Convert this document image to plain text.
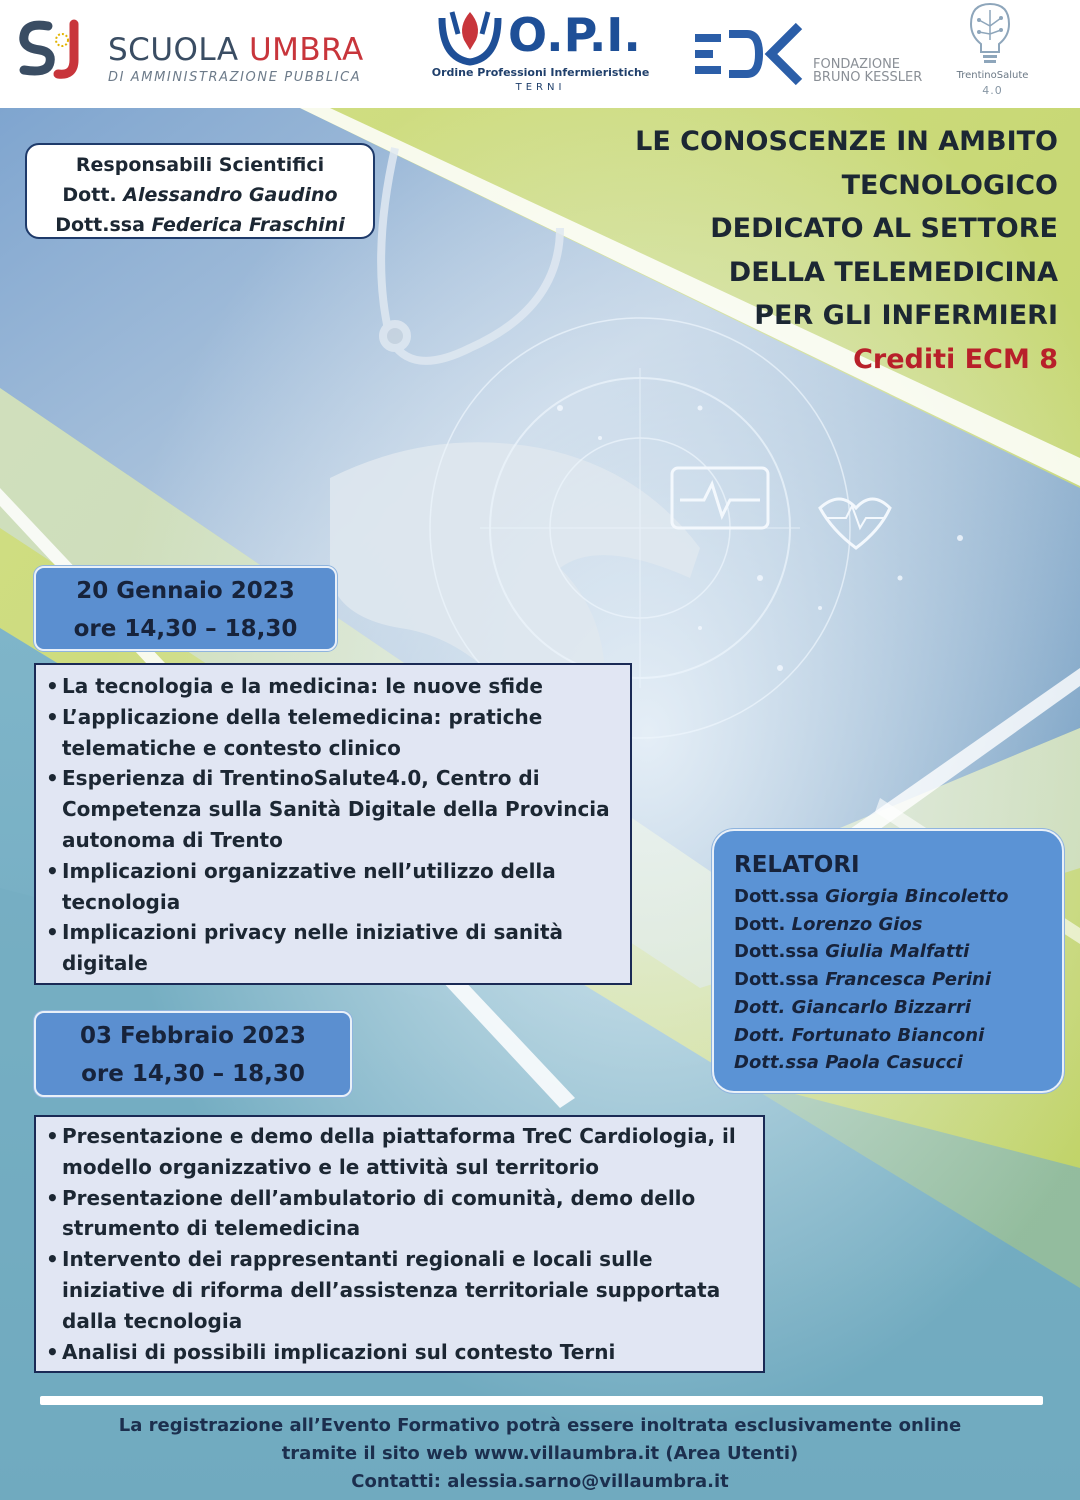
SCUOLA UMBRA
DI AMMINISTRAZIONE PUBBLICA
O.P.I.
Ordine Professioni Infermieristiche
TERNI
FONDAZIONE
BRUNO KESSLER	TrentinoSalute
4.0
LE CONOSCENZE IN AMBITO
TECNOLOGICO
DEDICATO AL SETTORE
DELLA TELEMEDICINA
PER GLI INFERMIERI
Crediti ECM 8
Responsabili Scientifici
Dott. Alessandro Gaudino
Dott.ssa Federica Fraschini
20 Gennaio 2023
ore 14,30 – 18,30
• La tecnologia e la medicina: le nuove sfide
• L’applicazione della telemedicina: pratiche telematiche e contesto clinico
• Esperienza di TrentinoSalute4.0, Centro di Competenza sulla Sanità Digitale della Provincia autonoma di Trento
• Implicazioni organizzative nell’utilizzo della tecnologia
• Implicazioni privacy nelle iniziative di sanità digitale
RELATORI
Dott.ssa Giorgia Bincoletto
Dott. Lorenzo Gios
Dott.ssa Giulia Malfatti
Dott.ssa Francesca Perini
Dott. Giancarlo Bizzarri
Dott. Fortunato Bianconi
Dott.ssa Paola Casucci
03 Febbraio 2023
ore 14,30 – 18,30
• Presentazione e demo della piattaforma TreC Cardiologia, il modello organizzativo e le attività sul territorio
• Presentazione dell’ambulatorio di comunità, demo dello strumento di telemedicina
• Intervento dei rappresentanti regionali e locali sulle iniziative di riforma dell’assistenza territoriale supportata dalla tecnologia
• Analisi di possibili implicazioni sul contesto Terni
La registrazione all’Evento Formativo potrà essere inoltrata esclusivamente online
tramite il sito web www.villaumbra.it (Area Utenti)
Contatti: alessia.sarno@villaumbra.it
